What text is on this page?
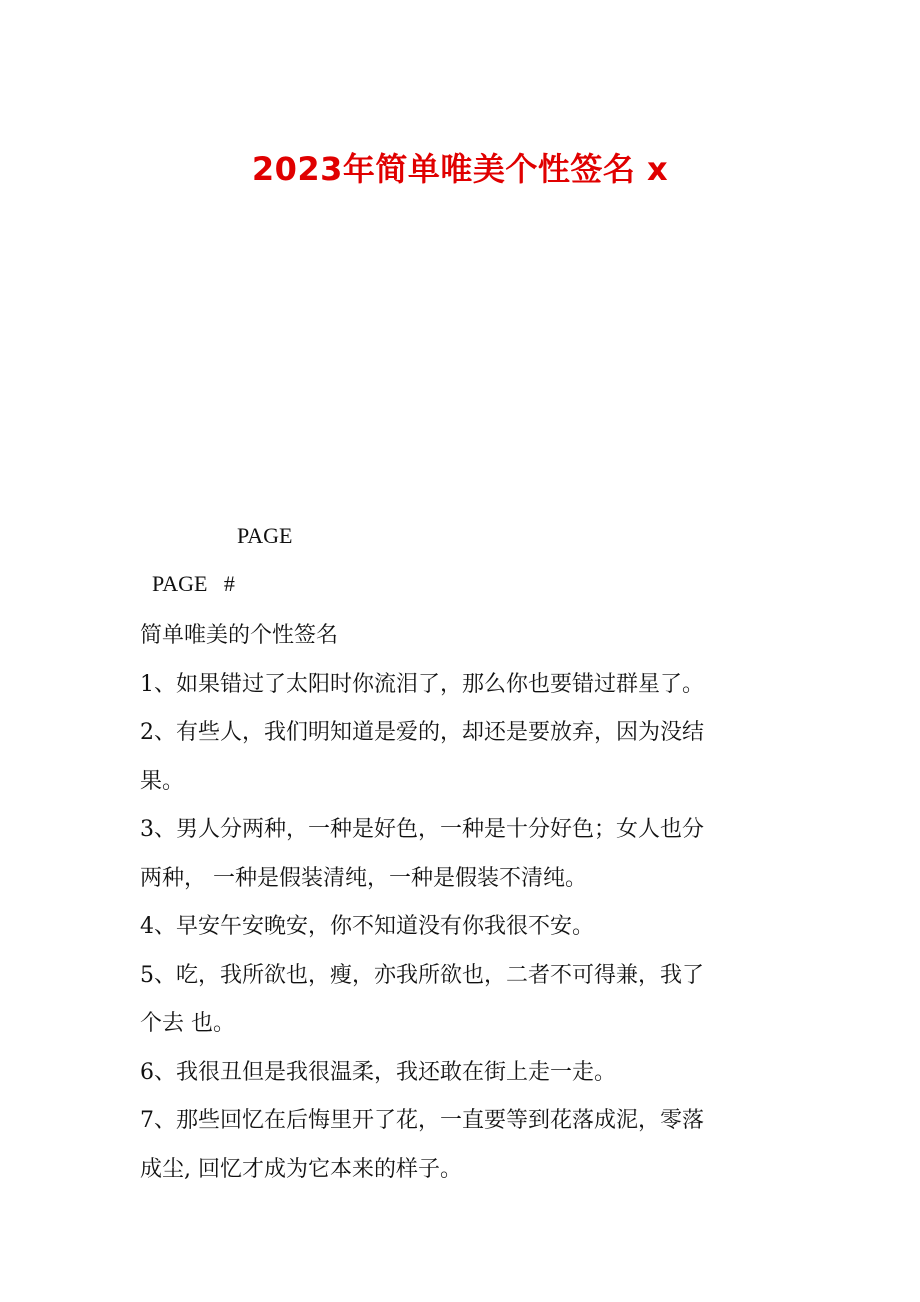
2023年简单唯美个性签名 x
PAGE
PAGE   #
简单唯美的个性签名
1、如果错过了太阳时你流泪了，那么你也要错过群星了。
2、有些人，我们明知道是爱的，却还是要放弃，因为没结
果。
3、男人分两种，一种是好色，一种是十分好色；女人也分
两种， 一种是假装清纯，一种是假装不清纯。
4、早安午安晚安，你不知道没有你我很不安。
5、吃，我所欲也，瘦，亦我所欲也，二者不可得兼，我了
个去 也。
6、我很丑但是我很温柔，我还敢在街上走一走。
7、那些回忆在后悔里开了花，一直要等到花落成泥，零落
成尘, 回忆才成为它本来的样子。
